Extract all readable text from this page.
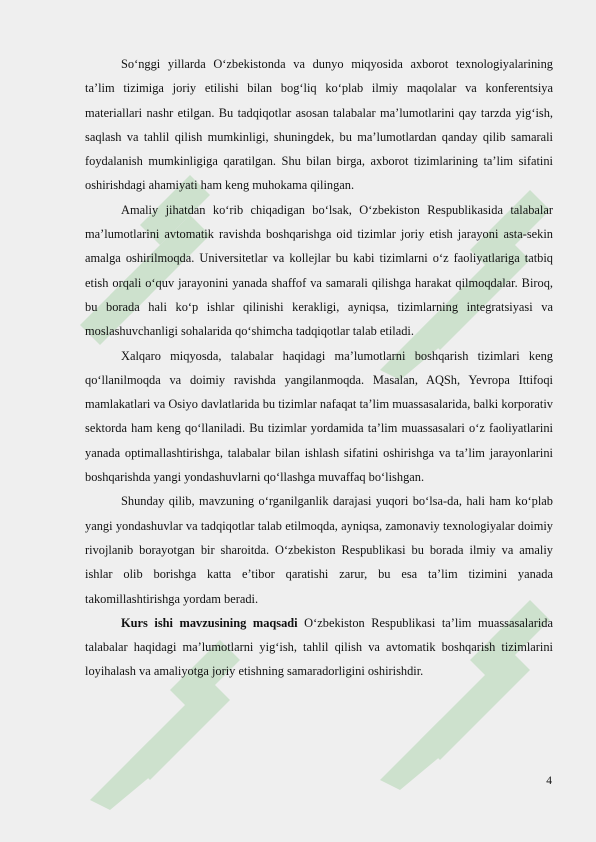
So‘nggi yillarda O‘zbekistonda va dunyo miqyosida axborot texnologiyalarining ta’lim tizimiga joriy etilishi bilan bog‘liq ko‘plab ilmiy maqolalar va konferentsiya materiallari nashr etilgan. Bu tadqiqotlar asosan talabalar ma’lumotlarini qay tarzda yig‘ish, saqlash va tahlil qilish mumkinligi, shuningdek, bu ma’lumotlardan qanday qilib samarali foydalanish mumkinligiga qaratilgan. Shu bilan birga, axborot tizimlarining ta’lim sifatini oshirishdagi ahamiyati ham keng muhokama qilingan.

Amaliy jihatdan ko‘rib chiqadigan bo‘lsak, O‘zbekiston Respublikasida talabalar ma’lumotlarini avtomatik ravishda boshqarishga oid tizimlar joriy etish jarayoni asta-sekin amalga oshirilmoqda. Universitetlar va kollejlar bu kabi tizimlarni o‘z faoliyatlariga tatbiq etish orqali o‘quv jarayonini yanada shaffof va samarali qilishga harakat qilmoqdalar. Biroq, bu borada hali ko‘p ishlar qilinishi kerakligi, ayniqsa, tizimlarning integratsiyasi va moslashuvchanligi sohalarida qo‘shimcha tadqiqotlar talab etiladi.

Xalqaro miqyosda, talabalar haqidagi ma’lumotlarni boshqarish tizimlari keng qo‘llanilmoqda va doimiy ravishda yangilanmoqda. Masalan, AQSh, Yevropa Ittifoqi mamlakatlari va Osiyo davlatlarida bu tizimlar nafaqat ta’lim muassasalarida, balki korporativ sektorda ham keng qo‘llaniladi. Bu tizimlar yordamida ta’lim muassasalari o‘z faoliyatlarini yanada optimallashtirishga, talabalar bilan ishlash sifatini oshirishga va ta’lim jarayonlarini boshqarishda yangi yondashuvlarni qo‘llashga muvaffaq bo‘lishgan.

Shunday qilib, mavzuning o‘rganilganlik darajasi yuqori bo‘lsa-da, hali ham ko‘plab yangi yondashuvlar va tadqiqotlar talab etilmoqda, ayniqsa, zamonaviy texnologiyalar doimiy rivojlanib borayotgan bir sharoitda. O‘zbekiston Respublikasi bu borada ilmiy va amaliy ishlar olib borishga katta e’tibor qaratishi zarur, bu esa ta’lim tizimini yanada takomillashtirishga yordam beradi.

Kurs ishi mavzusining maqsadi O‘zbekiston Respublikasi ta’lim muassasalarida talabalar haqidagi ma’lumotlarni yig‘ish, tahlil qilish va avtomatik boshqarish tizimlarini loyihalash va amaliyotga joriy etishning samaradorligini oshirishdir.

4
